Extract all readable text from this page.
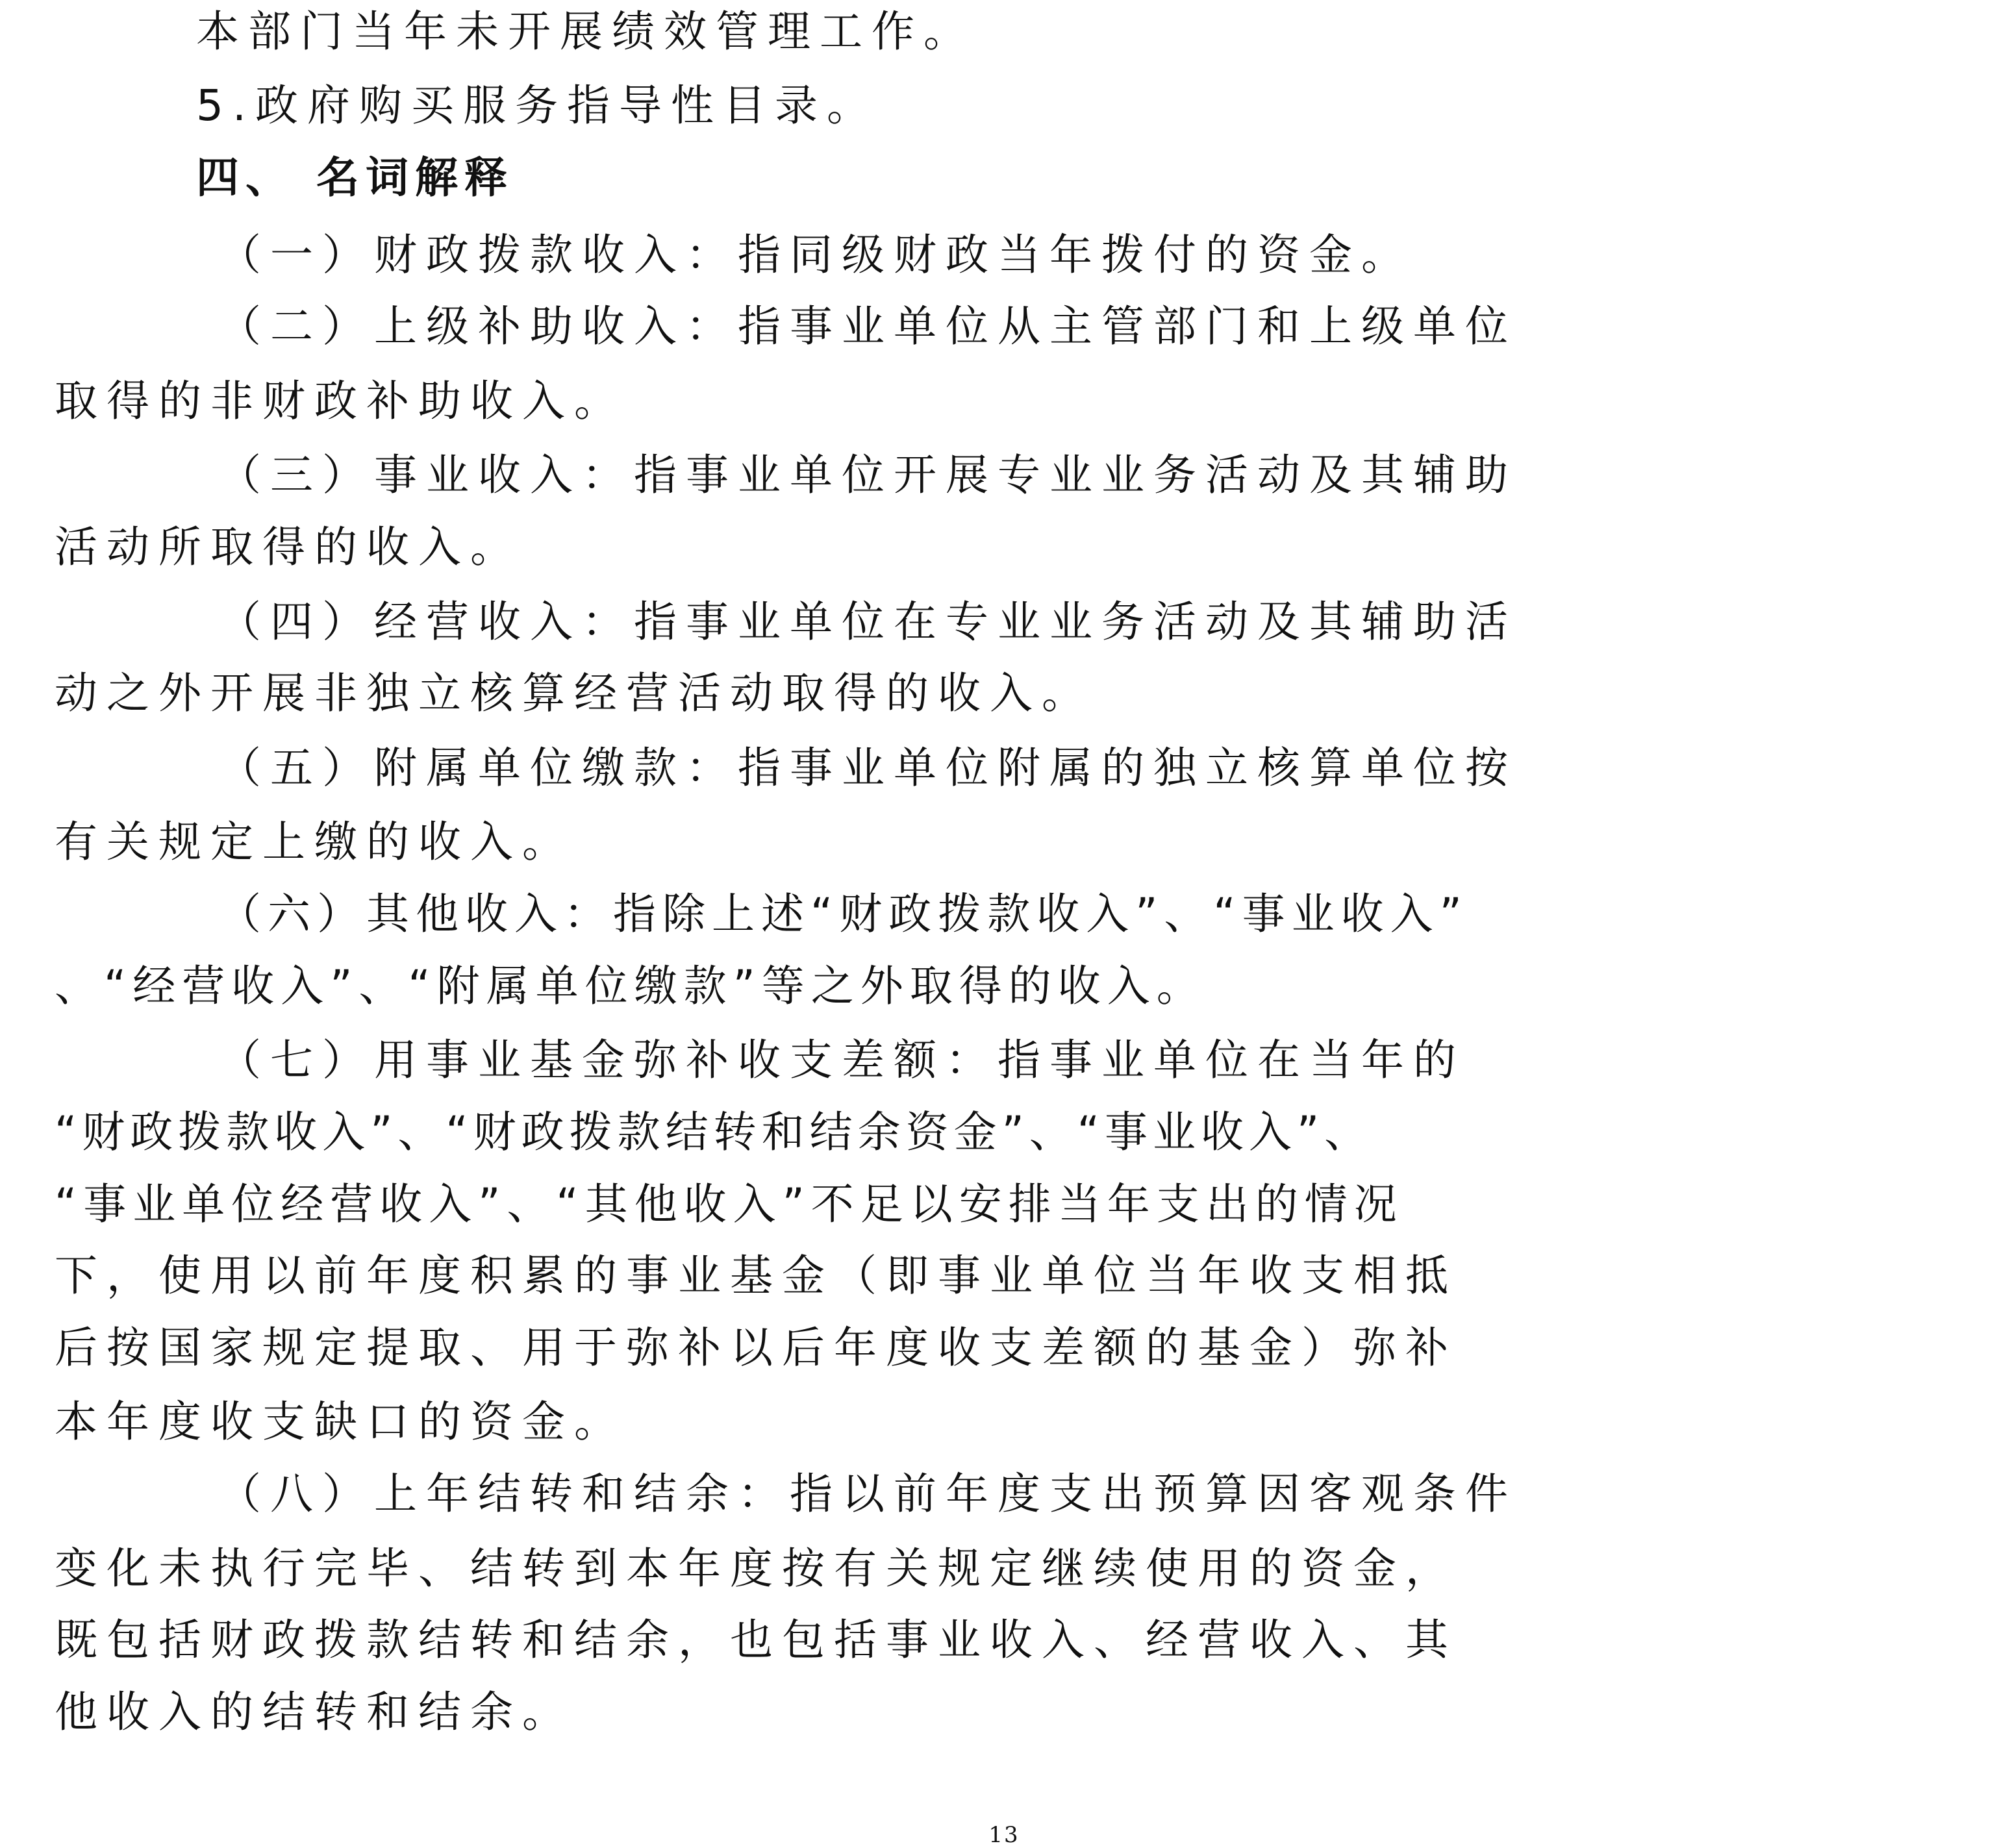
本部门当年未开展绩效管理工作。
5.政府购买服务指导性目录。
四、 名词解释
（一）财政拨款收入：指同级财政当年拨付的资金。
（二）上级补助收入：指事业单位从主管部门和上级单位
取得的非财政补助收入。
（三）事业收入：指事业单位开展专业业务活动及其辅助
活动所取得的收入。
（四）经营收入：指事业单位在专业业务活动及其辅助活
动之外开展非独立核算经营活动取得的收入。
（五）附属单位缴款：指事业单位附属的独立核算单位按
有关规定上缴的收入。
（六）其他收入：指除上述“财政拨款收入”、“事业收入”
、“经营收入”、“附属单位缴款”等之外取得的收入。
（七）用事业基金弥补收支差额：指事业单位在当年的
“财政拨款收入”、“财政拨款结转和结余资金”、“事业收入”、
“事业单位经营收入”、“其他收入”不足以安排当年支出的情况
下，使用以前年度积累的事业基金（即事业单位当年收支相抵
后按国家规定提取、用于弥补以后年度收支差额的基金）弥补
本年度收支缺口的资金。
（八）上年结转和结余：指以前年度支出预算因客观条件
变化未执行完毕、结转到本年度按有关规定继续使用的资金，
既包括财政拨款结转和结余，也包括事业收入、经营收入、其
他收入的结转和结余。
13
